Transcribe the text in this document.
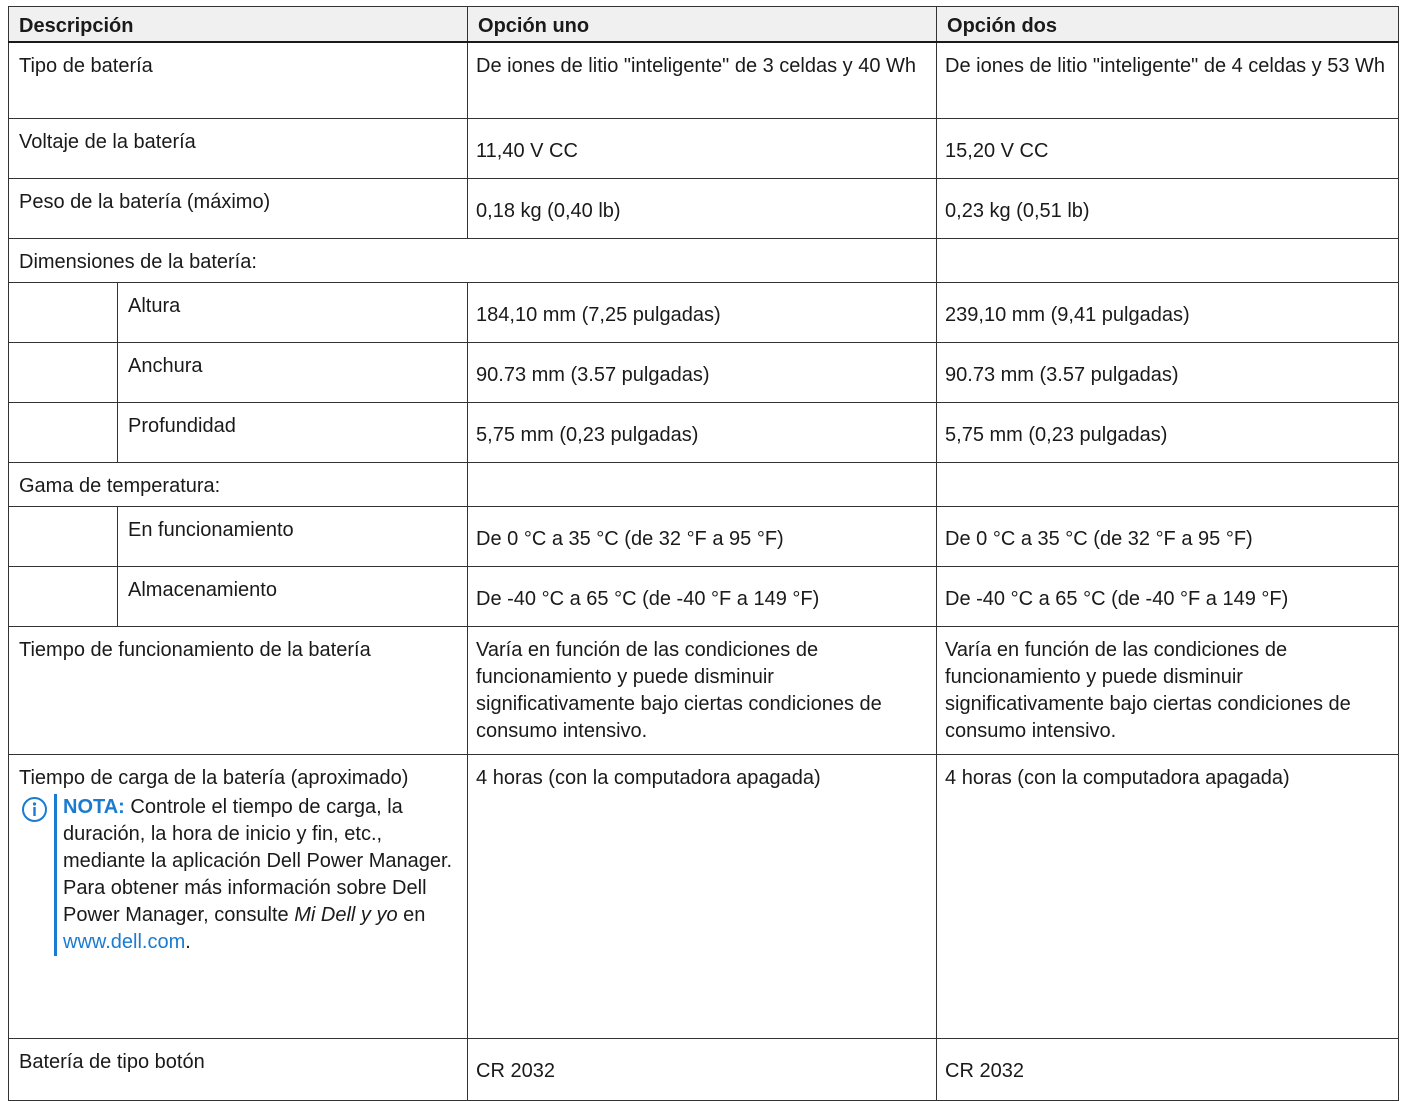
Descripción		Opción uno	Opción dos

Tipo de batería		De iones de litio "inteligente" de 3 celdas y 40 Wh	De iones de litio "inteligente" de 4 celdas y 53 Wh

Voltaje de la batería		11,40 V CC	15,20 V CC

Peso de la batería (máximo)		0,18 kg (0,40 lb)	0,23 kg (0,51 lb)

Dimensiones de la batería:			

	Altura	184,10 mm (7,25 pulgadas)	239,10 mm (9,41 pulgadas)

	Anchura	90.73 mm (3.57 pulgadas)	90.73 mm (3.57 pulgadas)

	Profundidad	5,75 mm (0,23 pulgadas)	5,75 mm (0,23 pulgadas)

Gama de temperatura:			

	En funcionamiento	De 0 °C a 35 °C (de 32 °F a 95 °F)	De 0 °C a 35 °C (de 32 °F a 95 °F)

	Almacenamiento	De -40 °C a 65 °C (de -40 °F a 149 °F)	De -40 °C a 65 °C (de -40 °F a 149 °F)

Tiempo de funcionamiento de la batería		Varía en función de las condiciones de funcionamiento y puede disminuir significativamente bajo ciertas condiciones de consumo intensivo.	Varía en función de las condiciones de funcionamiento y puede disminuir significativamente bajo ciertas condiciones de consumo intensivo.

Tiempo de carga de la batería (aproximado)
NOTA: Controle el tiempo de carga, la duración, la hora de inicio y fin, etc., mediante la aplicación Dell Power Manager. Para obtener más información sobre Dell Power Manager, consulte Mi Dell y yo en www.dell.com.		4 horas (con la computadora apagada)	4 horas (con la computadora apagada)

Batería de tipo botón		CR 2032	CR 2032
